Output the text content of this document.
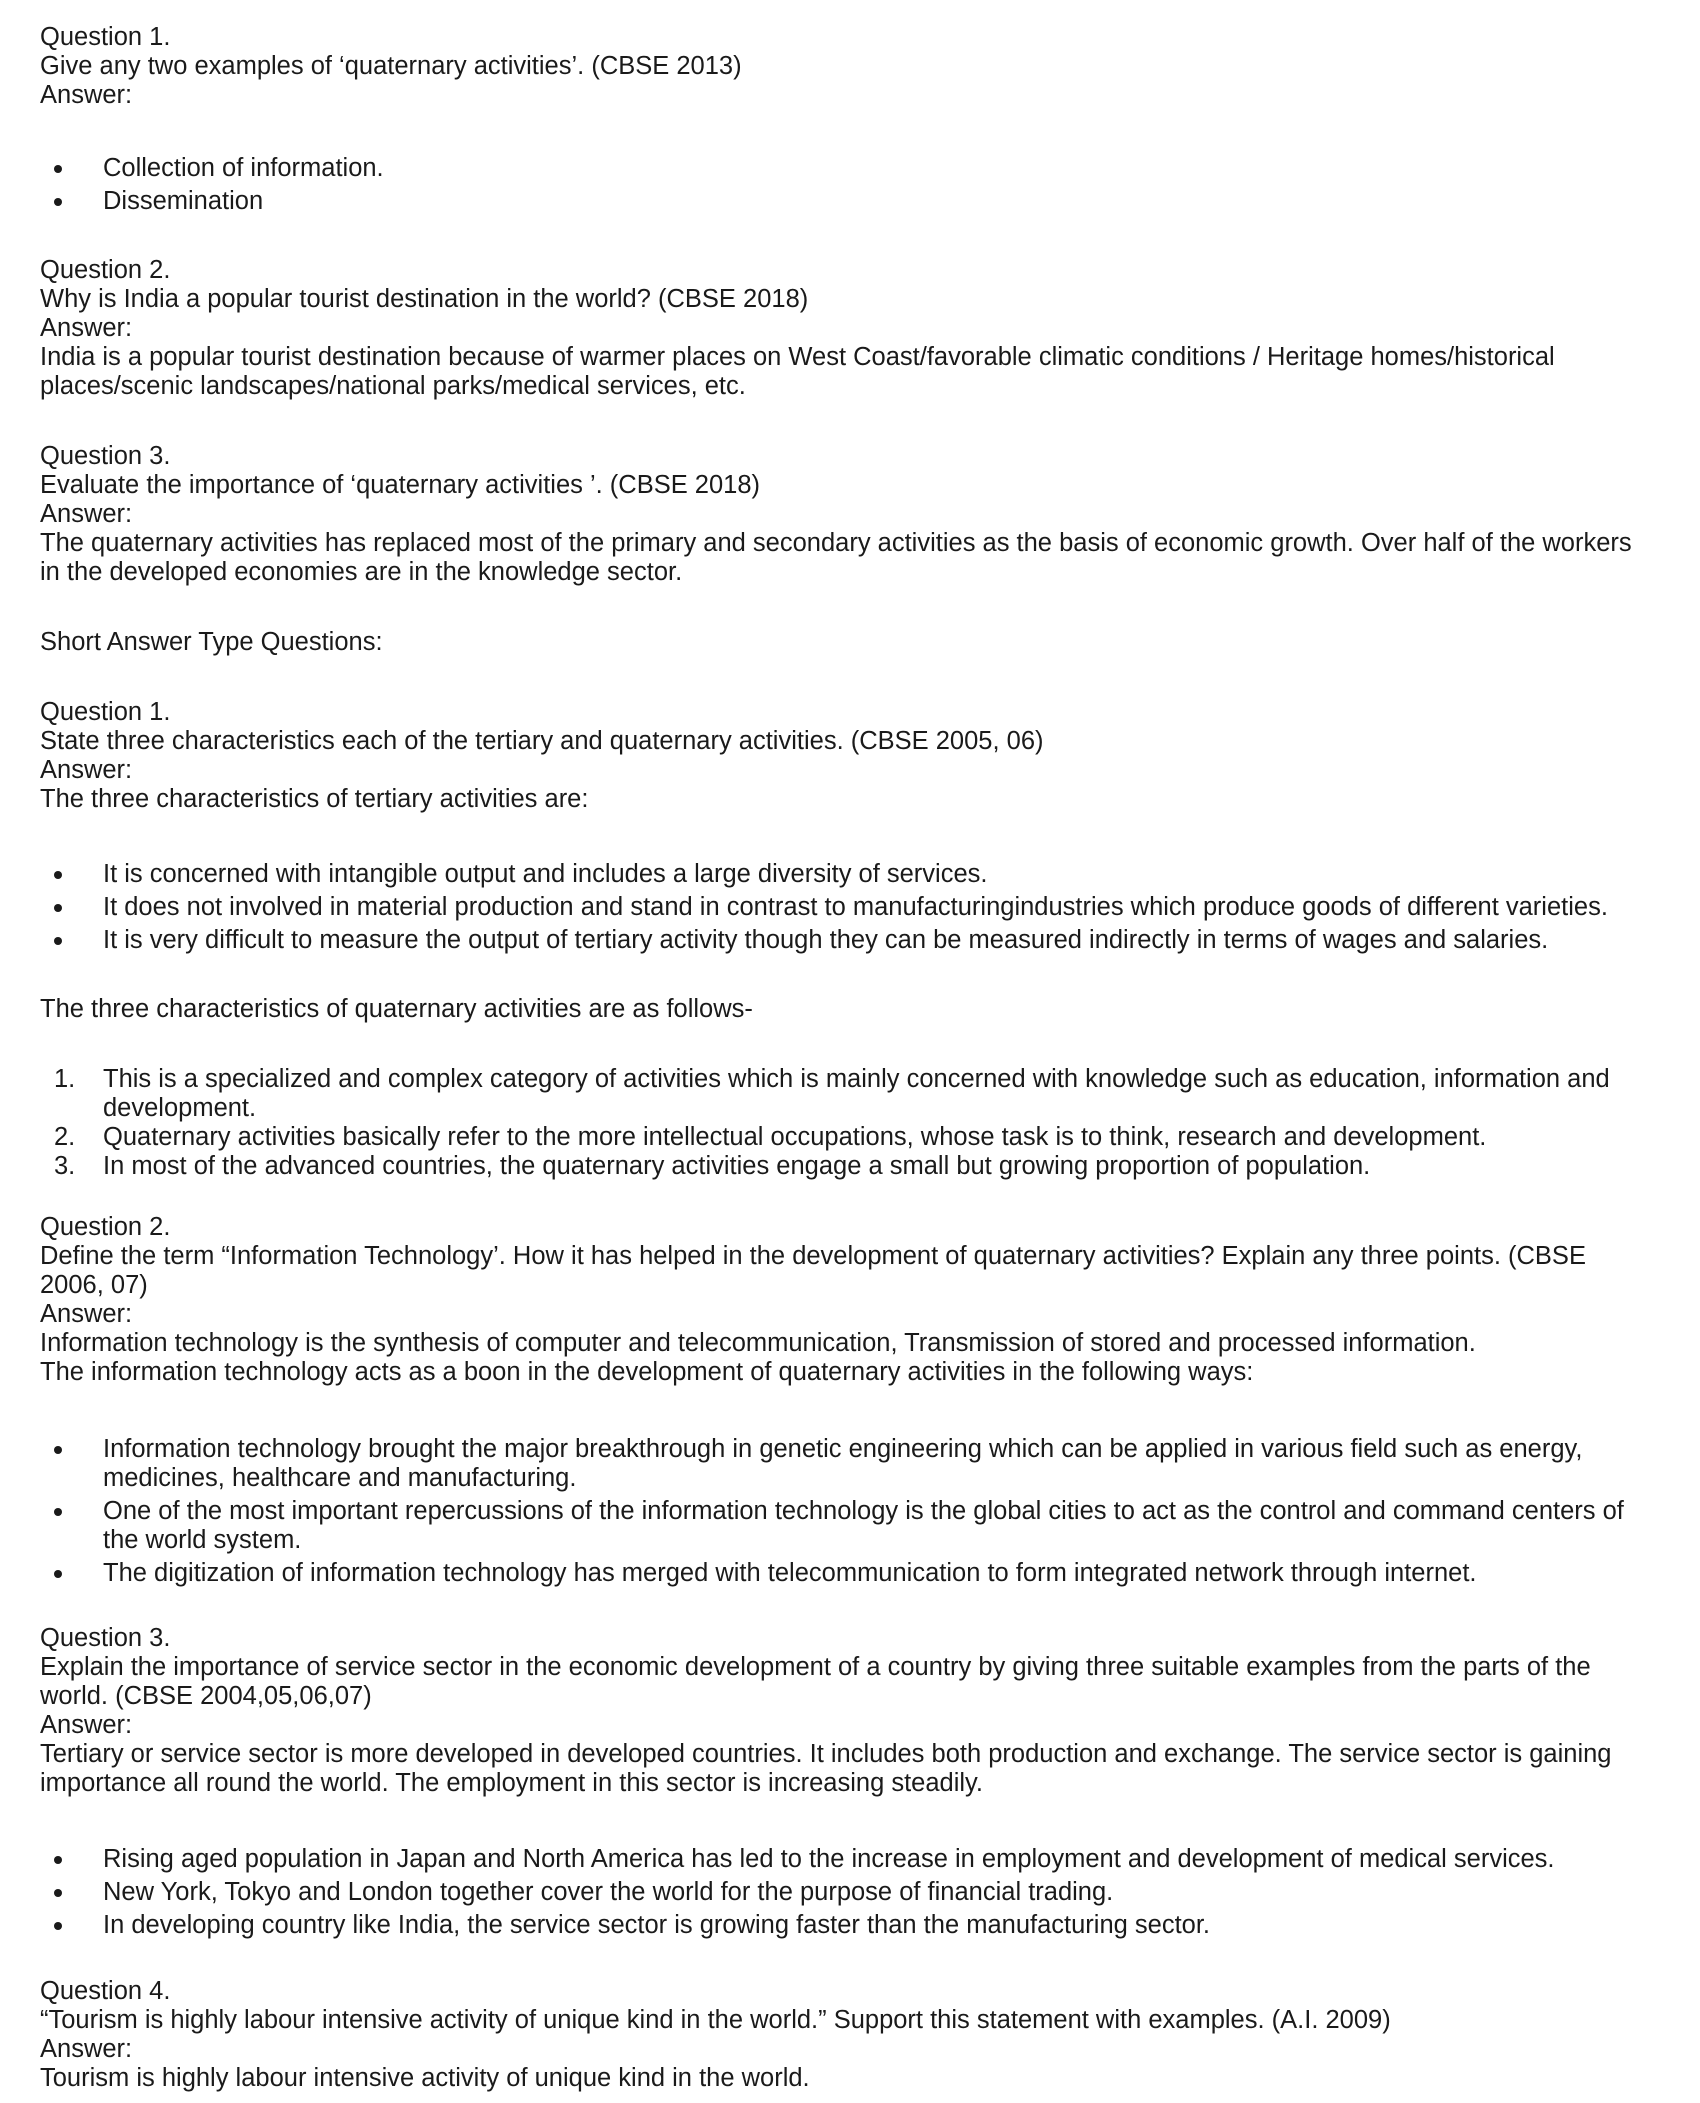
Question 1.
Give any two examples of ‘quaternary activities’. (CBSE 2013)
Answer:
Collection of information.
Dissemination
Question 2.
Why is India a popular tourist destination in the world? (CBSE 2018)
Answer:
India is a popular tourist destination because of warmer places on West Coast/favorable climatic conditions / Heritage homes/historical places/scenic landscapes/national parks/medical services, etc.
Question 3.
Evaluate the importance of ‘quaternary activities ’. (CBSE 2018)
Answer:
The quaternary activities has replaced most of the primary and secondary activities as the basis of economic growth. Over half of the workers in the developed economies are in the knowledge sector.
Short Answer Type Questions:
Question 1.
State three characteristics each of the tertiary and quaternary activities. (CBSE 2005, 06)
Answer:
The three characteristics of tertiary activities are:
It is concerned with intangible output and includes a large diversity of services.
It does not involved in material production and stand in contrast to manufacturingindustries which produce goods of different varieties.
It is very difficult to measure the output of tertiary activity though they can be measured indirectly in terms of wages and salaries.
The three characteristics of quaternary activities are as follows-
1. This is a specialized and complex category of activities which is mainly concerned with knowledge such as education, information and development.
2. Quaternary activities basically refer to the more intellectual occupations, whose task is to think, research and development.
3. In most of the advanced countries, the quaternary activities engage a small but growing proportion of population.
Question 2.
Define the term “Information Technology’. How it has helped in the development of quaternary activities? Explain any three points. (CBSE 2006, 07)
Answer:
Information technology is the synthesis of computer and telecommunication, Transmission of stored and processed information.
The information technology acts as a boon in the development of quaternary activities in the following ways:
Information technology brought the major breakthrough in genetic engineering which can be applied in various field such as energy, medicines, healthcare and manufacturing.
One of the most important repercussions of the information technology is the global cities to act as the control and command centers of the world system.
The digitization of information technology has merged with telecommunication to form integrated network through internet.
Question 3.
Explain the importance of service sector in the economic development of a country by giving three suitable examples from the parts of the world. (CBSE 2004,05,06,07)
Answer:
Tertiary or service sector is more developed in developed countries. It includes both production and exchange. The service sector is gaining importance all round the world. The employment in this sector is increasing steadily.
Rising aged population in Japan and North America has led to the increase in employment and development of medical services.
New York, Tokyo and London together cover the world for the purpose of financial trading.
In developing country like India, the service sector is growing faster than the manufacturing sector.
Question 4.
“Tourism is highly labour intensive activity of unique kind in the world.” Support this statement with examples. (A.I. 2009)
Answer:
Tourism is highly labour intensive activity of unique kind in the world.
